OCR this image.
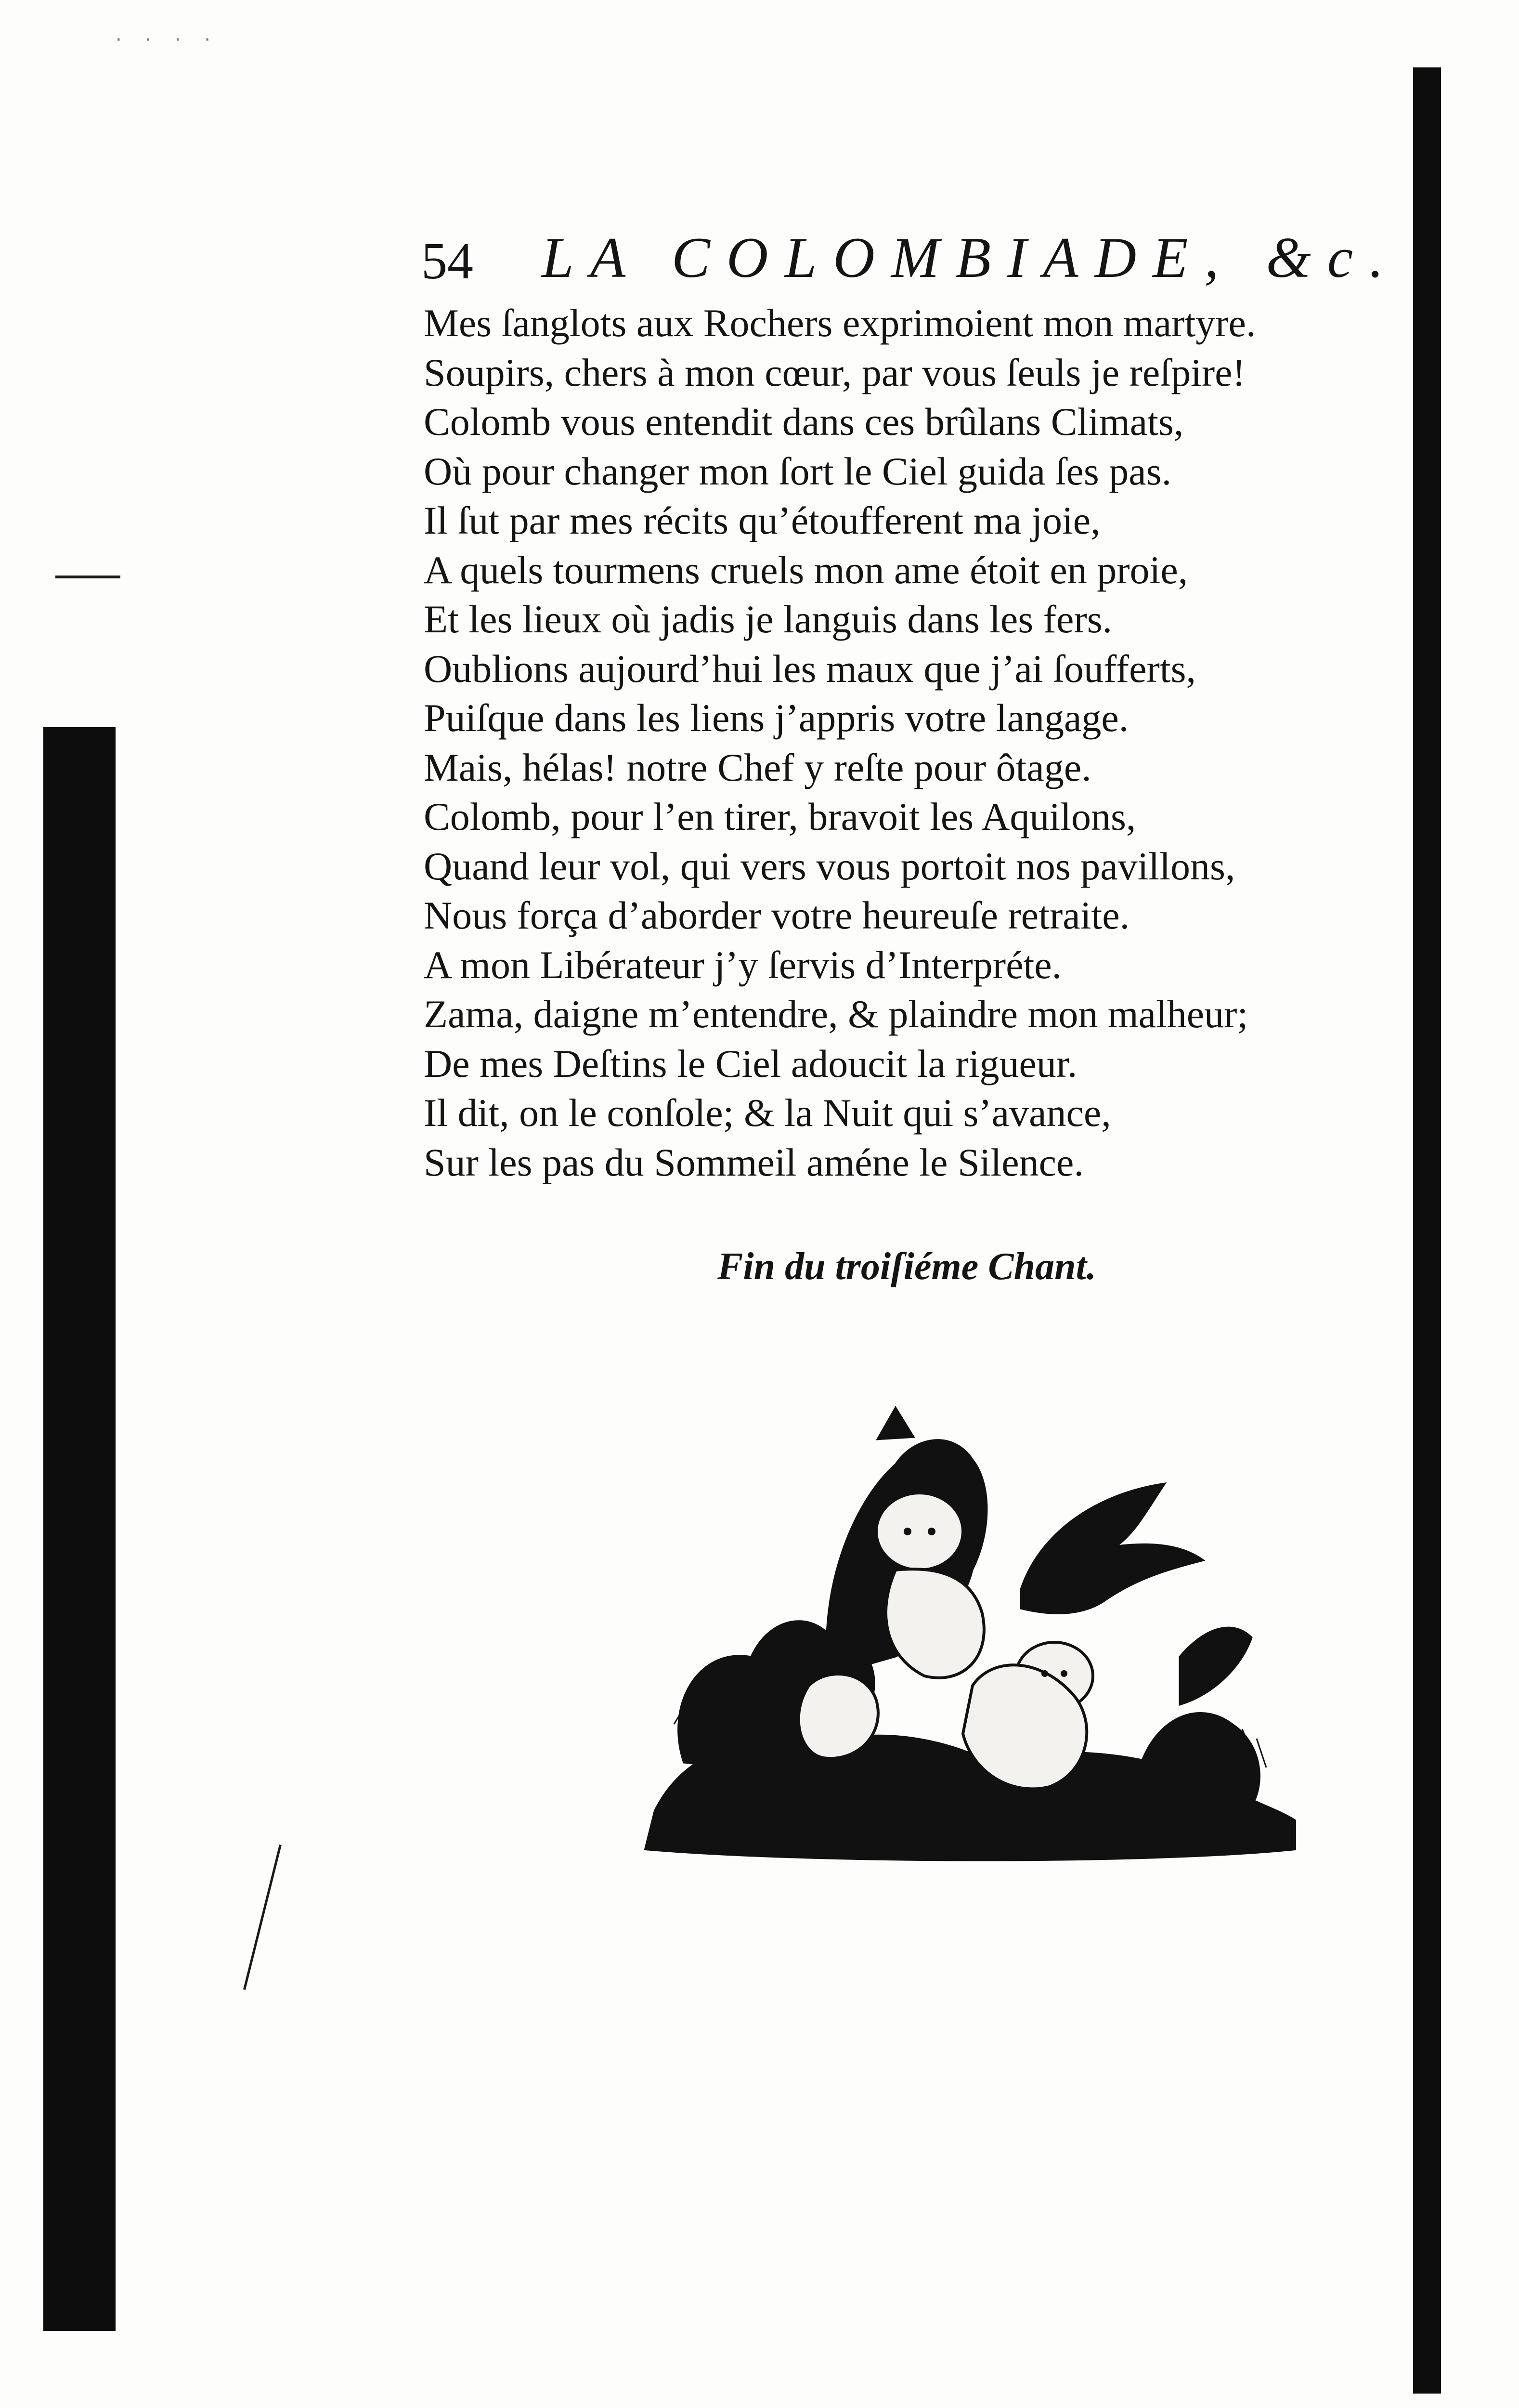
· · · ·
54 LA COLOMBIADE, &c.
Mes ſanglots aux Rochers exprimoient mon martyre.
Soupirs, chers à mon cœur, par vous ſeuls je reſpire!
Colomb vous entendit dans ces brûlans Climats,
Où pour changer mon ſort le Ciel guida ſes pas.
Il ſut par mes récits qu’étoufferent ma joie,
A quels tourmens cruels mon ame étoit en proie,
Et les lieux où jadis je languis dans les fers.
Oublions aujourd’hui les maux que j’ai ſoufferts,
Puiſque dans les liens j’appris votre langage.
Mais, hélas! notre Chef y reſte pour ôtage.
Colomb, pour l’en tirer, bravoit les Aquilons,
Quand leur vol, qui vers vous portoit nos pavillons,
Nous força d’aborder votre heureuſe retraite.
A mon Libérateur j’y ſervis d’Interpréte.
Zama, daigne m’entendre, & plaindre mon malheur;
De mes Deſtins le Ciel adoucit la rigueur.
Il dit, on le conſole; & la Nuit qui s’avance,
Sur les pas du Sommeil améne le Silence.
Fin du troiſiéme Chant.
